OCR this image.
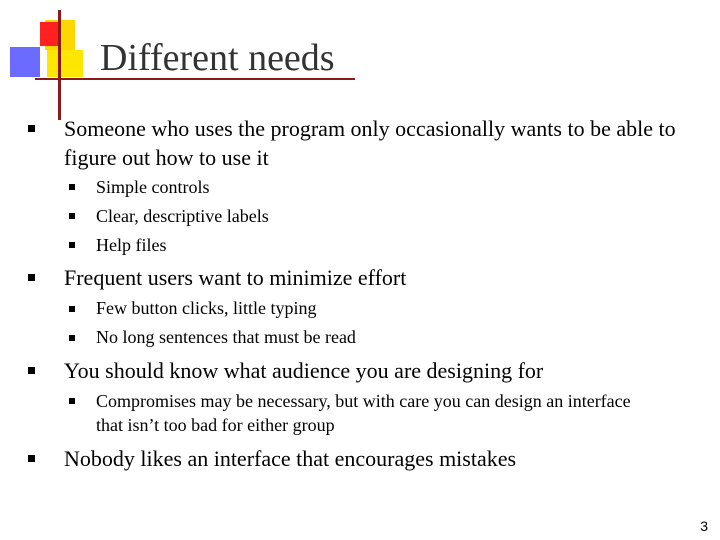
Different needs
Someone who uses the program only occasionally wants to be able to figure out how to use it
Simple controls
Clear, descriptive labels
Help files
Frequent users want to minimize effort
Few button clicks, little typing
No long sentences that must be read
You should know what audience you are designing for
Compromises may be necessary, but with care you can design an interface that isn’t too bad for either group
Nobody likes an interface that encourages mistakes
3
